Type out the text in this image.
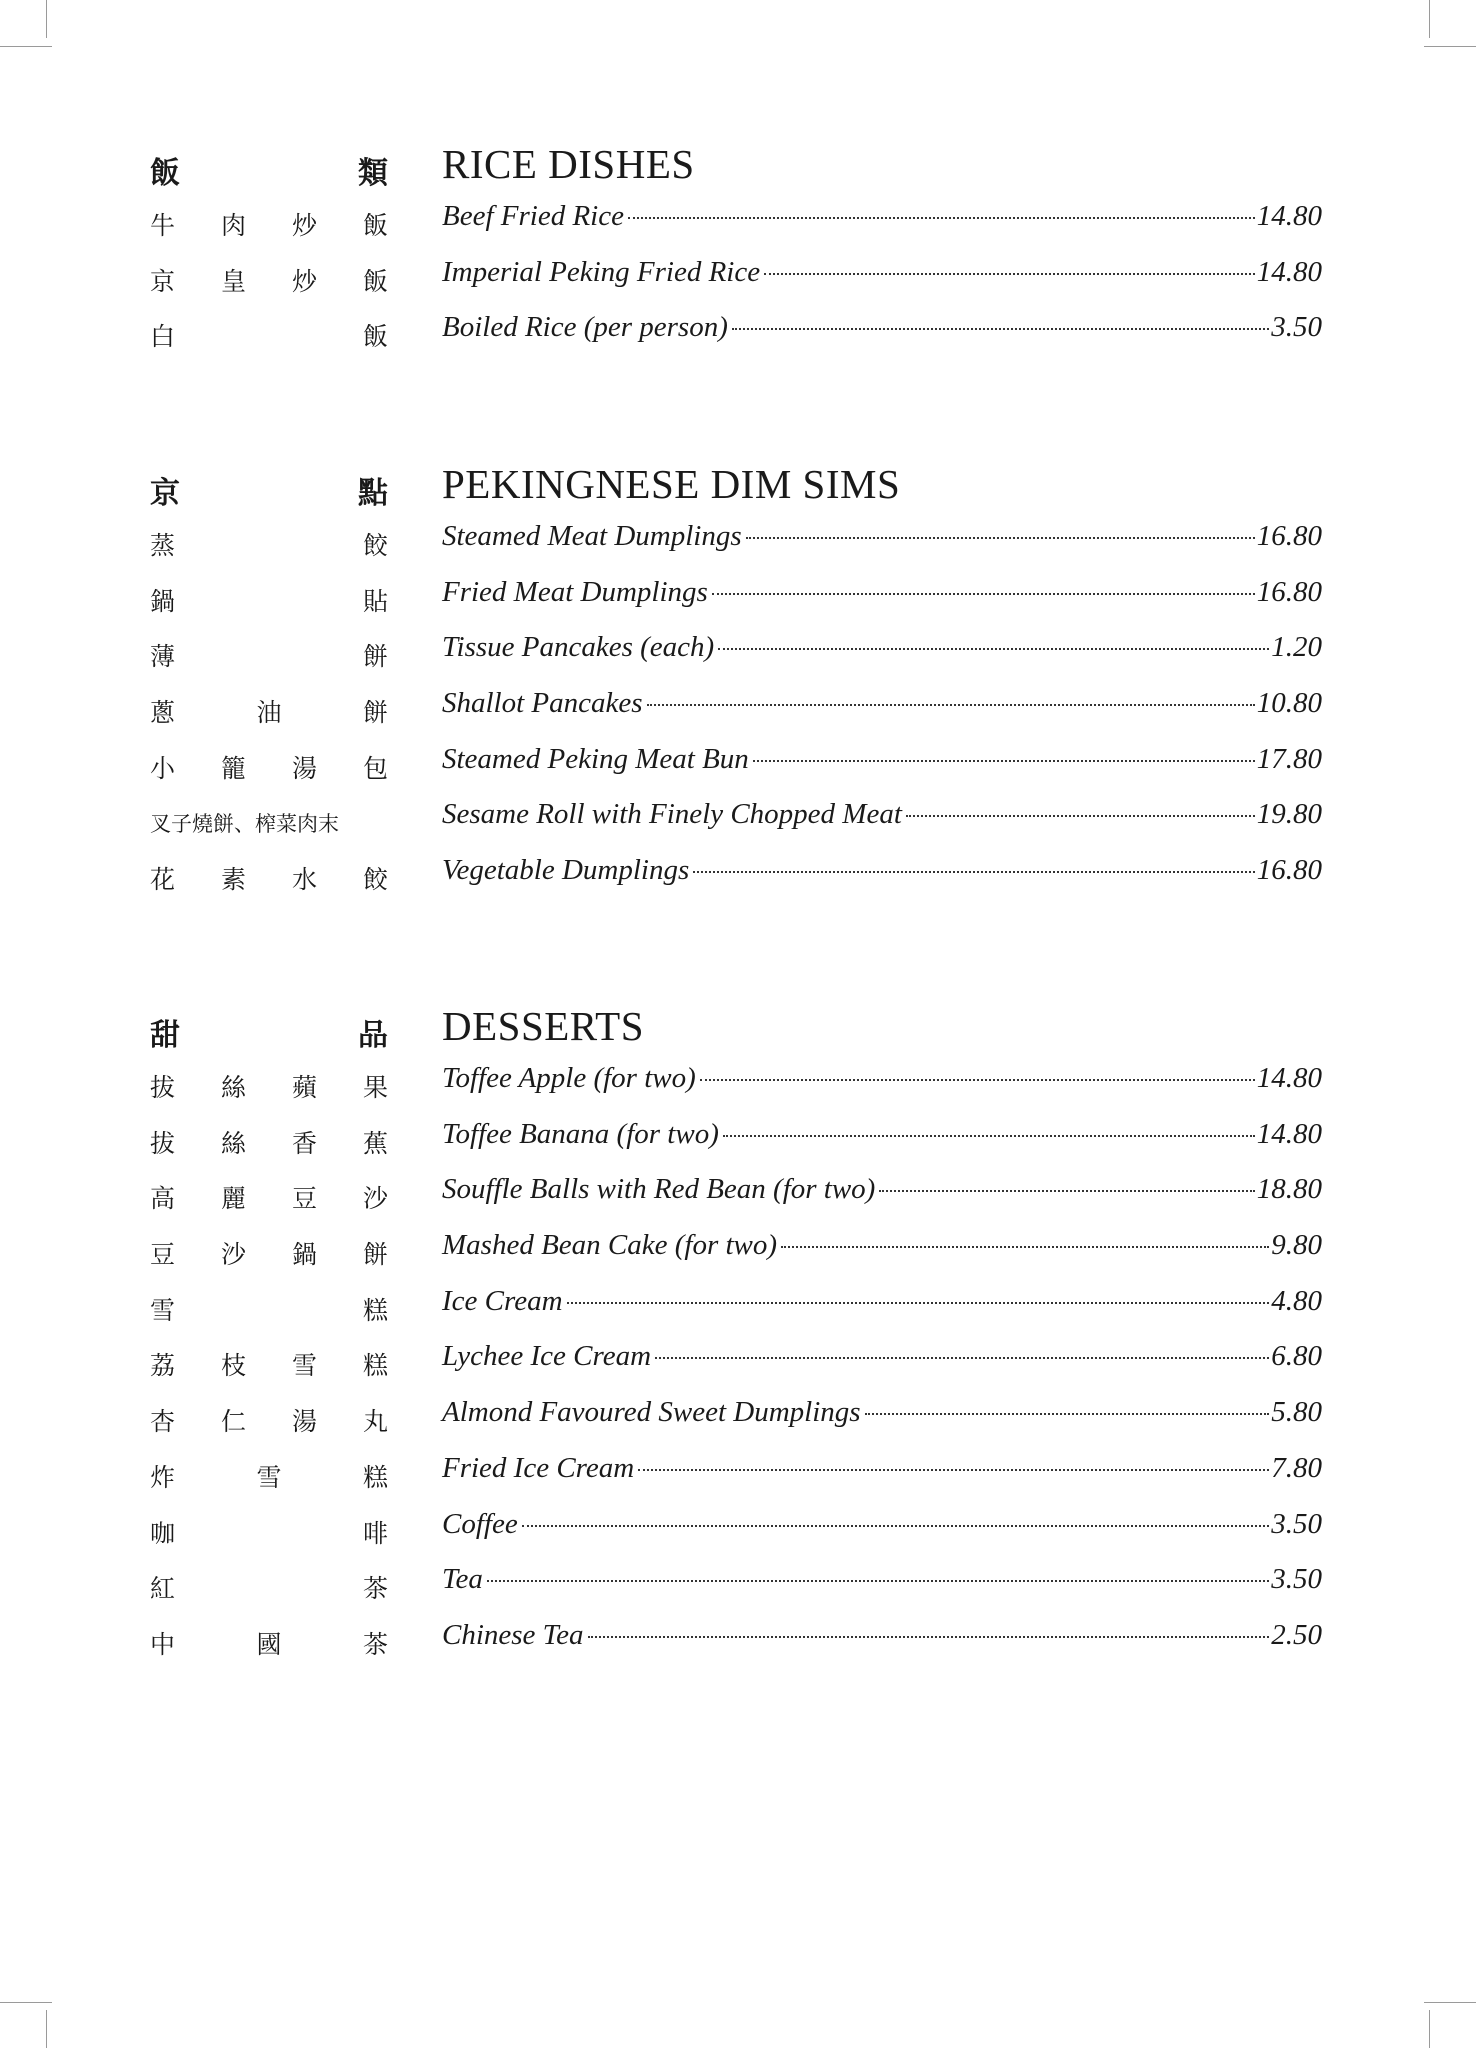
飯	類 RICE DISHES
牛 肉 炒 飯 Beef Fried Rice	14.80
京 皇 炒 飯 Imperial Peking Fried Rice	14.80
白	飯 Boiled Rice (per person)	3.50
京	點 PEKINGNESE DIM SIMS
蒸	餃 Steamed Meat Dumplings	16.80
鍋	貼 Fried Meat Dumplings	16.80
薄	餅 Tissue Pancakes (each)	1.20
蔥	油	餅 Shallot Pancakes	10.80
小 籠 湯 包 Steamed Peking Meat Bun	17.80
叉子燒餅、榨菜肉末	Sesame Roll with Finely Chopped Meat	19.80
花 素 水 餃 Vegetable Dumplings	16.80
甜	品 DESSERTS
拔 絲 蘋 果 Toffee Apple (for two)	14.80
拔 絲 香 蕉 Toffee Banana (for two)	14.80
高 麗 豆 沙 Souffle Balls with Red Bean (for two)	18.80
豆 沙 鍋 餅 Mashed Bean Cake (for two)	9.80
雪	糕 Ice Cream	4.80
荔 枝 雪 糕 Lychee Ice Cream	6.80
杏 仁 湯 丸 Almond Favoured Sweet Dumplings	5.80
炸	雪	糕 Fried Ice Cream	7.80
咖	啡 Coffee	3.50
紅	茶 Tea	3.50
中	國	茶 Chinese Tea	2.50
